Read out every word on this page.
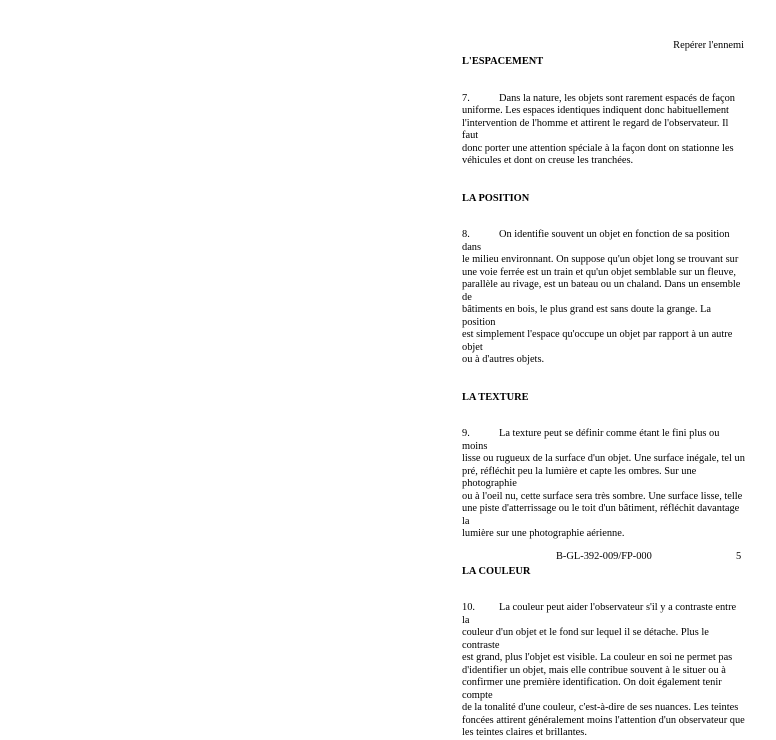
Repérer l'ennemi
L'ESPACEMENT
7.	Dans la nature, les objets sont rarement espacés de façon
uniforme. Les espaces identiques indiquent donc habituellement
l'intervention de l'homme et attirent le regard de l'observateur. Il faut
donc porter une attention spéciale à la façon dont on stationne les
véhicules et dont on creuse les tranchées.
LA POSITION
8.	On identifie souvent un objet en fonction de sa position dans
le milieu environnant. On suppose qu'un objet long se trouvant sur
une voie ferrée est un train et qu'un objet semblable sur un fleuve,
parallèle au rivage, est un bateau ou un chaland. Dans un ensemble de
bâtiments en bois, le plus grand est sans doute la grange. La position
est simplement l'espace qu'occupe un objet par rapport à un autre objet
ou à d'autres objets.
LA TEXTURE
9.	La texture peut se définir comme étant le fini plus ou moins
lisse ou rugueux de la surface d'un objet. Une surface inégale, tel un
pré, réfléchit peu la lumière et capte les ombres. Sur une photographie
ou à l'oeil nu, cette surface sera très sombre. Une surface lisse, telle
une piste d'atterrissage ou le toit d'un bâtiment, réfléchit davantage la
lumière sur une photographie aérienne.
LA COULEUR
10. La couleur peut aider l'observateur s'il y a contraste entre la
couleur d'un objet et le fond sur lequel il se détache. Plus le contraste
est grand, plus l'objet est visible. La couleur en soi ne permet pas
d'identifier un objet, mais elle contribue souvent à le situer ou à
confirmer une première identification. On doit également tenir compte
de la tonalité d'une couleur, c'est-à-dire de ses nuances. Les teintes
foncées attirent généralement moins l'attention d'un observateur que
les teintes claires et brillantes.
B-GL-392-009/FP-000	5
